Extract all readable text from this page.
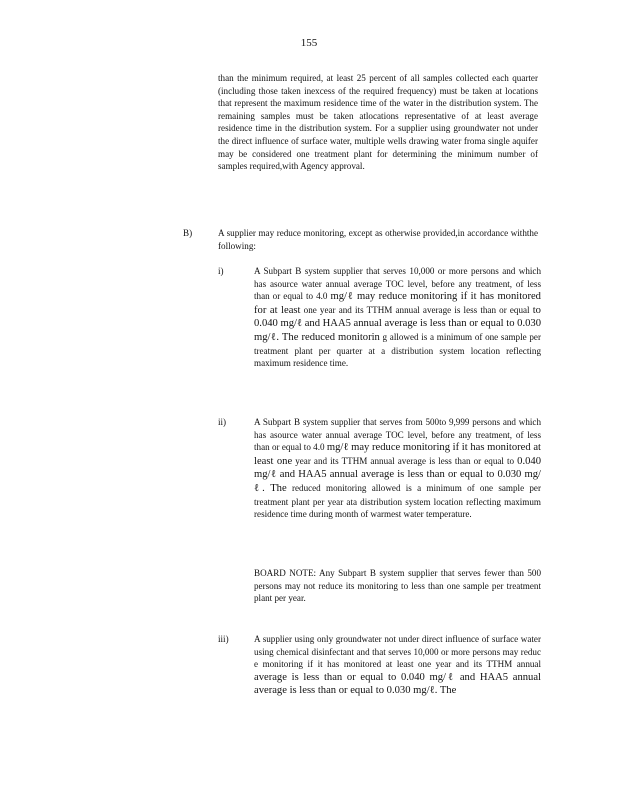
155
than the minimum required, at least 25 percent of all samples collected each quarter (including those taken inexcess of the required frequency) must be taken at locations that represent the maximum residence time of the water in the distribution system. The remaining samples must be taken atlocations representative of at least average residence time in the distribution system. For a supplier using groundwater not under the direct influence of surface water, multiple wells drawing water froma single aquifer may be considered one treatment plant for determining the minimum number of samples required,with Agency approval.
B)	A supplier may reduce monitoring, except as otherwise provided,in accordance withthe following:
i)	A Subpart B system supplier that serves 10,000 or more persons and which has asource water annual average TOC level, before any treatment, of less than or equal to 4.0 mg/ℓ may reduce monitoring if it has monitored for at least one year and its TTHM annual average is less than or equal to 0.040 mg/ℓ and HAA5 annual average is less than or equal to 0.030 mg/ℓ. The reduced monitorin g allowed is a minimum of one sample per treatment plant per quarter at a distribution system location reflecting maximum residence time.
ii)	A Subpart B system supplier that serves from 500to 9,999 persons and which has asource water annual average TOC level, before any treatment, of less than or equal to 4.0 mg/ℓ may reduce monitoring if it has monitored at least one year and its TTHM annual average is less than or equal to 0.040 mg/ℓ and HAA5 annual average is less than or equal to 0.030 mg/ℓ. The reduced monitoring allowed is a minimum of one sample per treatment plant per year ata distribution system location reflecting maximum residence time during month of warmest water temperature.
BOARD NOTE: Any Subpart B system supplier that serves fewer than 500 persons may not reduce its monitoring to less than one sample per treatment plant per year.
iii)	A supplier using only groundwater not under direct influence of surface water using chemical disinfectant and that serves 10,000 or more persons may reduc e monitoring if it has monitored at least one year and its TTHM annual average is less than or equal to 0.040 mg/ℓ and HAA5 annual average is less than or equal to 0.030 mg/ℓ. The
